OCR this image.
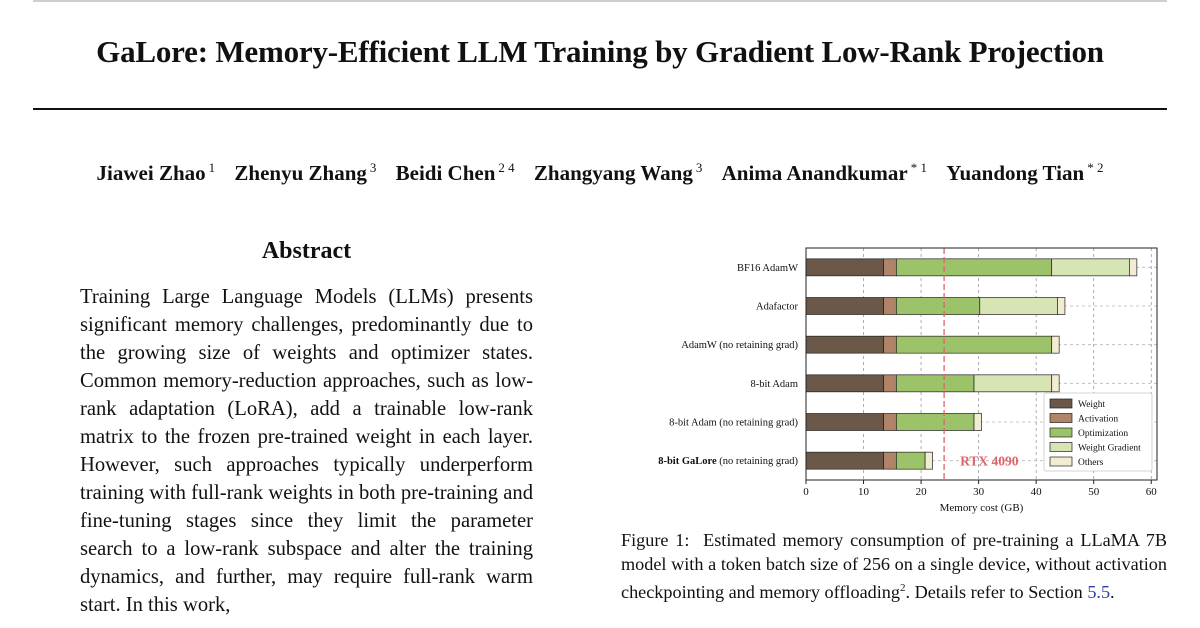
GaLore: Memory-Efficient LLM Training by Gradient Low-Rank Projection
Jiawei Zhao $^1$ Zhenyu Zhang $^3$ Beidi Chen $^{2 4}$ Zhangyang Wang $^3$ Anima Anandkumar $^{* 1}$ Yuandong Tian $^{* 2}$
Abstract
Training Large Language Models (LLMs) presents significant memory challenges, predominantly due to the growing size of weights and optimizer states. Common memory-reduction approaches, such as low-rank adaptation (LoRA), add a trainable low-rank matrix to the frozen pre-trained weight in each layer. However, such approaches typically underperform training with full-rank weights in both pre-training and fine-tuning stages since they limit the parameter search to a low-rank subspace and alter the training dynamics, and further, may require full-rank warm start. In this work,
BF16 AdamW
Adafactor
AdamW (no retaining grad)
8-bit Adam
8-bit Adam (no retaining grad)
8-bit GaLore (no retaining grad)	RTX 4090
0	10	20	30	40	50	60
Memory cost (GB)
Weight
Activation
Optimization
Weight Gradient
Others
Figure 1: Estimated memory consumption of pre-training a LLaMA 7B model with a token batch size of 256 on a single device, without activation checkpointing and memory offloading$^2$. Details refer to Section 5.5.
